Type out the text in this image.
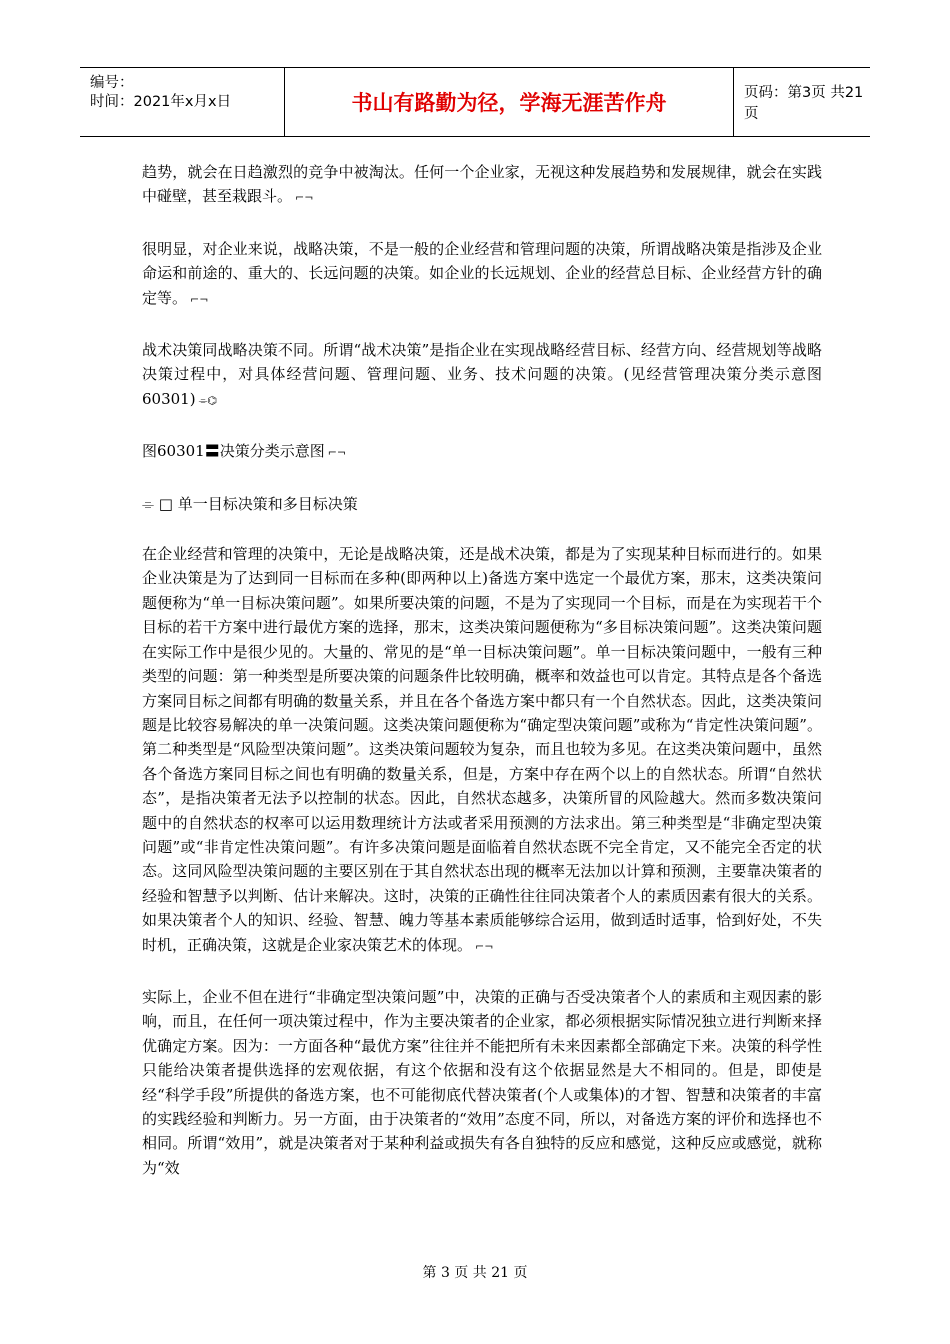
编号：
时间：2021年x月x日	书山有路勤为径，学海无涯苦作舟	页码：第3页 共21页

趋势，就会在日趋激烈的竞争中被淘汰。任何一个企业家，无视这种发展趋势和发展规律，就会在实践中碰壁，甚至栽跟斗。 ⌐¬

很明显，对企业来说，战略决策，不是一般的企业经营和管理问题的决策，所谓战略决策是指涉及企业命运和前途的、重大的、长远问题的决策。如企业的长远规划、企业的经营总目标、企业经营方针的确定等。 ⌐¬

战术决策同战略决策不同。所谓“战术决策”是指企业在实现战略经营目标、经营方向、经营规划等战略决策过程中，对具体经营问题、管理问题、业务、技术问题的决策。(见经营管理决策分类示意图60301) ⌯⌬

图60301〓决策分类示意图 ⌐¬

⌯ □ 单一目标决策和多目标决策

在企业经营和管理的决策中，无论是战略决策，还是战术决策，都是为了实现某种目标而进行的。如果企业决策是为了达到同一目标而在多种(即两种以上)备选方案中选定一个最优方案，那末，这类决策问题便称为“单一目标决策问题”。如果所要决策的问题，不是为了实现同一个目标，而是在为实现若干个目标的若干方案中进行最优方案的选择，那末，这类决策问题便称为“多目标决策问题”。这类决策问题在实际工作中是很少见的。大量的、常见的是“单一目标决策问题”。单一目标决策问题中，一般有三种类型的问题：第一种类型是所要决策的问题条件比较明确，概率和效益也可以肯定。其特点是各个备选方案同目标之间都有明确的数量关系，并且在各个备选方案中都只有一个自然状态。因此，这类决策问题是比较容易解决的单一决策问题。这类决策问题便称为“确定型决策问题”或称为“肯定性决策问题”。第二种类型是“风险型决策问题”。这类决策问题较为复杂，而且也较为多见。在这类决策问题中，虽然各个备选方案同目标之间也有明确的数量关系，但是，方案中存在两个以上的自然状态。所谓“自然状态”，是指决策者无法予以控制的状态。因此，自然状态越多，决策所冒的风险越大。然而多数决策问题中的自然状态的权率可以运用数理统计方法或者采用预测的方法求出。第三种类型是“非确定型决策问题”或“非肯定性决策问题”。有许多决策问题是面临着自然状态既不完全肯定，又不能完全否定的状态。这同风险型决策问题的主要区别在于其自然状态出现的概率无法加以计算和预测，主要靠决策者的经验和智慧予以判断、估计来解决。这时，决策的正确性往往同决策者个人的素质因素有很大的关系。如果决策者个人的知识、经验、智慧、魄力等基本素质能够综合运用，做到适时适事，恰到好处，不失时机，正确决策，这就是企业家决策艺术的体现。 ⌐¬

实际上，企业不但在进行“非确定型决策问题”中，决策的正确与否受决策者个人的素质和主观因素的影响，而且，在任何一项决策过程中，作为主要决策者的企业家，都必须根据实际情况独立进行判断来择优确定方案。因为：一方面各种“最优方案”往往并不能把所有未来因素都全部确定下来。决策的科学性只能给决策者提供选择的宏观依据，有这个依据和没有这个依据显然是大不相同的。但是，即使是经“科学手段”所提供的备选方案，也不可能彻底代替决策者(个人或集体)的才智、智慧和决策者的丰富的实践经验和判断力。另一方面，由于决策者的“效用”态度不同，所以，对备选方案的评价和选择也不相同。所谓“效用”，就是决策者对于某种利益或损失有各自独特的反应和感觉，这种反应或感觉，就称为“效

第 3 页 共 21 页
